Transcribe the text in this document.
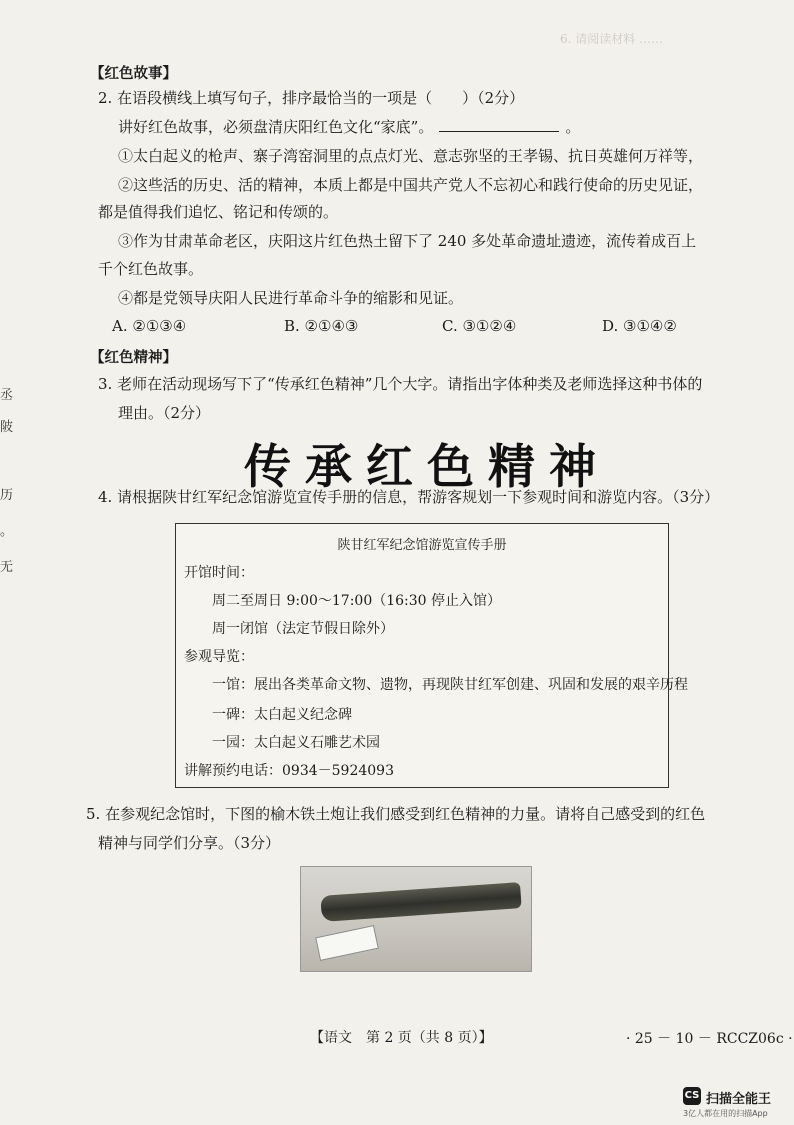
6. 请阅读材料 ……
丞
陂
历
。
无
【红色故事】
2. 在语段横线上填写句子，排序最恰当的一项是（　　）（2分）
讲好红色故事，必须盘清庆阳红色文化“家底”。	。
①太白起义的枪声、寨子湾窑洞里的点点灯光、意志弥坚的王孝锡、抗日英雄何万祥等，
②这些活的历史、活的精神，本质上都是中国共产党人不忘初心和践行使命的历史见证，
都是值得我们追忆、铭记和传颂的。
③作为甘肃革命老区，庆阳这片红色热土留下了 240 多处革命遗址遗迹，流传着成百上
千个红色故事。
④都是党领导庆阳人民进行革命斗争的缩影和见证。
A. ②①③④	B. ②①④③	C. ③①②④	D. ③①④②
【红色精神】
3. 老师在活动现场写下了“传承红色精神”几个大字。请指出字体种类及老师选择这种书体的
理由。（2分）
传承红色精神
4. 请根据陕甘红军纪念馆游览宣传手册的信息，帮游客规划一下参观时间和游览内容。（3分）
陕甘红军纪念馆游览宣传手册
开馆时间：
周二至周日 9:00～17:00（16:30 停止入馆）
周一闭馆（法定节假日除外）
参观导览：
一馆：展出各类革命文物、遗物，再现陕甘红军创建、巩固和发展的艰辛历程
一碑：太白起义纪念碑
一园：太白起义石雕艺术园
讲解预约电话：0934－5924093
5. 在参观纪念馆时，下图的榆木铁土炮让我们感受到红色精神的力量。请将自己感受到的红色
精神与同学们分享。（3分）
【语文　第 2 页（共 8 页）】	· 25 － 10 － RCCZ06c ·
CS 扫描全能王
3亿人都在用的扫描App
